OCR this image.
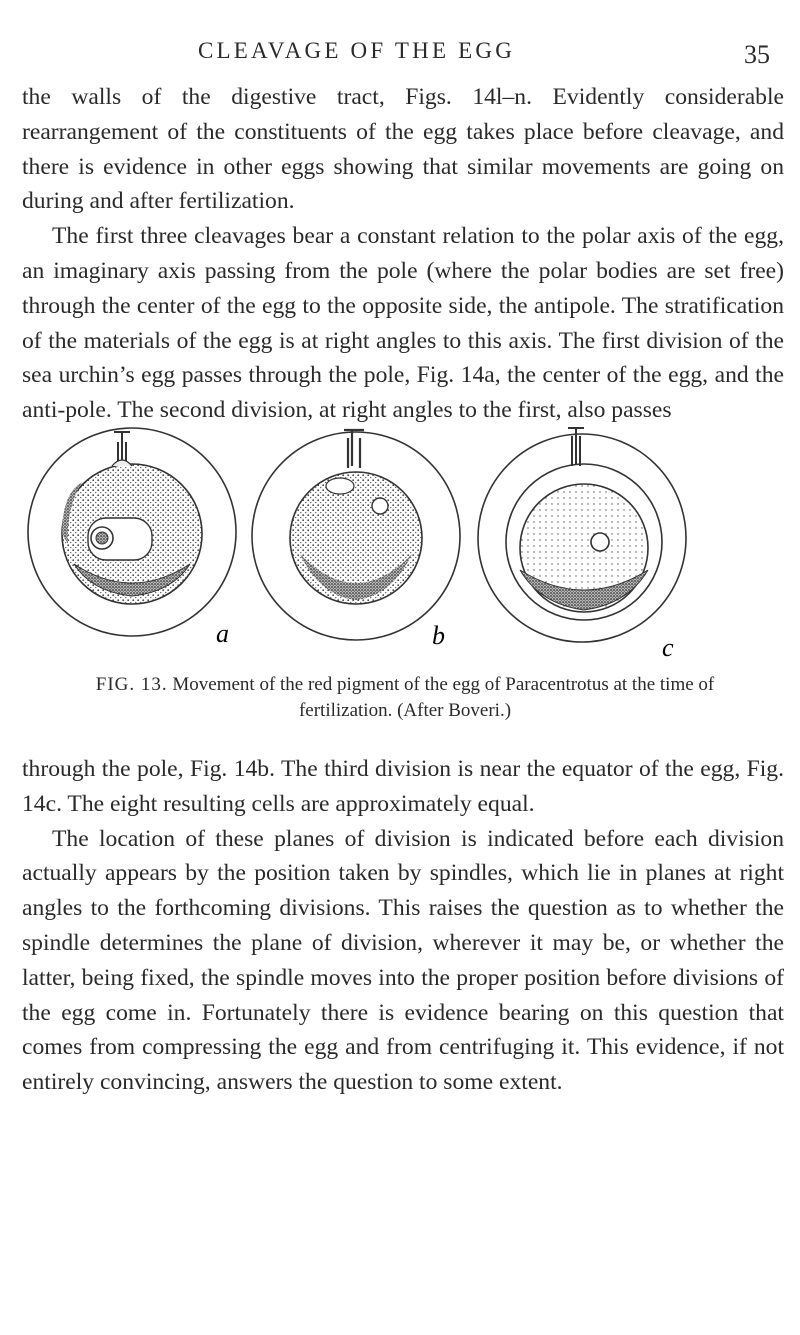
CLEAVAGE OF THE EGG	35

the walls of the digestive tract, Figs. 14l–n. Evidently considerable rearrangement of the constituents of the egg takes place before cleavage, and there is evidence in other eggs showing that similar movements are going on during and after fertilization.

The first three cleavages bear a constant relation to the polar axis of the egg, an imaginary axis passing from the pole (where the polar bodies are set free) through the center of the egg to the opposite side, the antipole. The stratification of the materials of the egg is at right angles to this axis. The first division of the sea urchin’s egg passes through the pole, Fig. 14a, the center of the egg, and the anti-pole. The second division, at right angles to the first, also passes

a	b	c
FIG. 13. Movement of the red pigment of the egg of Paracentrotus at the time of fertilization. (After Boveri.)

through the pole, Fig. 14b. The third division is near the equator of the egg, Fig. 14c. The eight resulting cells are approximately equal.

The location of these planes of division is indicated before each division actually appears by the position taken by spindles, which lie in planes at right angles to the forthcoming divisions. This raises the question as to whether the spindle determines the plane of division, wherever it may be, or whether the latter, being fixed, the spindle moves into the proper position before divisions of the egg come in. Fortunately there is evidence bearing on this question that comes from compressing the egg and from centrifuging it. This evidence, if not entirely convincing, answers the question to some extent.
